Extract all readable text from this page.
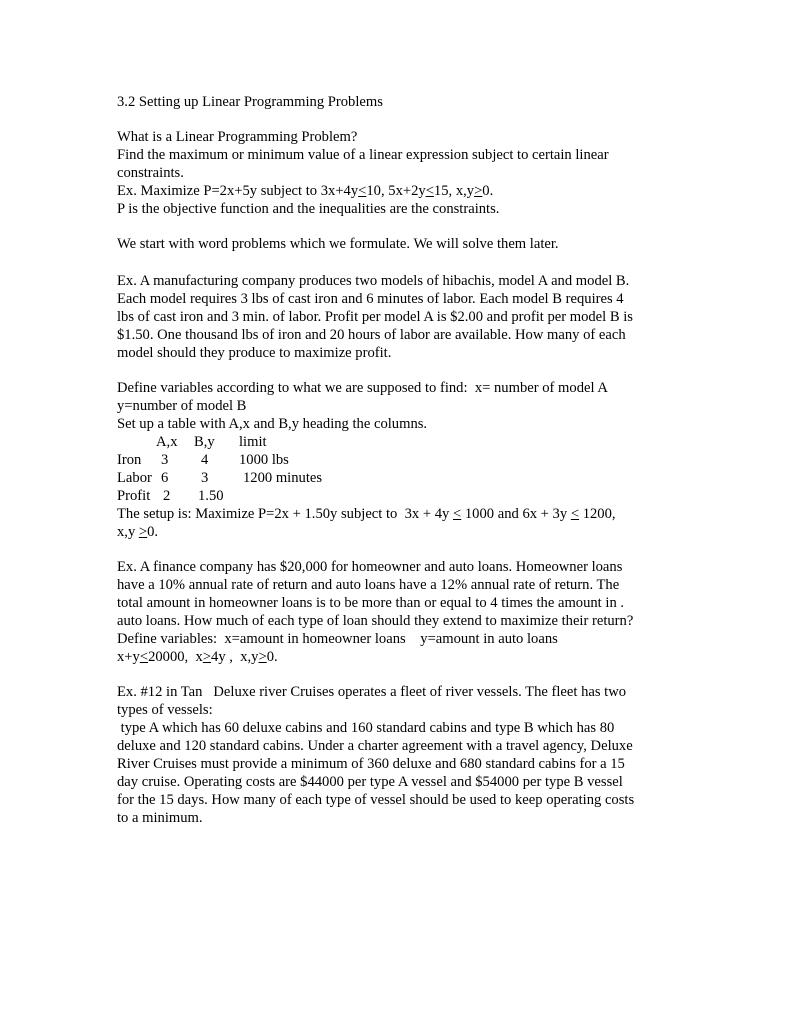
3.2 Setting up Linear Programming Problems
What is a Linear Programming Problem?
Find the maximum or minimum value of a linear expression subject to certain linear
constraints.
Ex. Maximize P=2x+5y subject to 3x+4y<10, 5x+2y<15, x,y>0.
P is the objective function and the inequalities are the constraints.
We start with word problems which we formulate. We will solve them later.
Ex. A manufacturing company produces two models of hibachis, model A and model B.
Each model requires 3 lbs of cast iron and 6 minutes of labor. Each model B requires 4
lbs of cast iron and 3 min. of labor. Profit per model A is $2.00 and profit per model B is
$1.50. One thousand lbs of iron and 20 hours of labor are available. How many of each
model should they produce to maximize profit.
Define variables according to what we are supposed to find:  x= number of model A
y=number of model B
Set up a table with A,x and B,y heading the columns.
A,x B,y limit
Iron 3 4 1000 lbs
Labor 6 3 1200 minutes
Profit 2 1.50
The setup is: Maximize P=2x + 1.50y subject to  3x + 4y ≤ 1000 and 6x + 3y ≤ 1200,
x,y ≥0.
Ex. A finance company has $20,000 for homeowner and auto loans. Homeowner loans
have a 10% annual rate of return and auto loans have a 12% annual rate of return. The
total amount in homeowner loans is to be more than or equal to 4 times the amount in .
auto loans. How much of each type of loan should they extend to maximize their return?
Define variables:  x=amount in homeowner loans    y=amount in auto loans
x+y≤20000,  x≥4y ,  x,y≥0.
Ex. #12 in Tan   Deluxe river Cruises operates a fleet of river vessels. The fleet has two
types of vessels:
type A which has 60 deluxe cabins and 160 standard cabins and type B which has 80
deluxe and 120 standard cabins. Under a charter agreement with a travel agency, Deluxe
River Cruises must provide a minimum of 360 deluxe and 680 standard cabins for a 15
day cruise. Operating costs are $44000 per type A vessel and $54000 per type B vessel
for the 15 days. How many of each type of vessel should be used to keep operating costs
to a minimum.
